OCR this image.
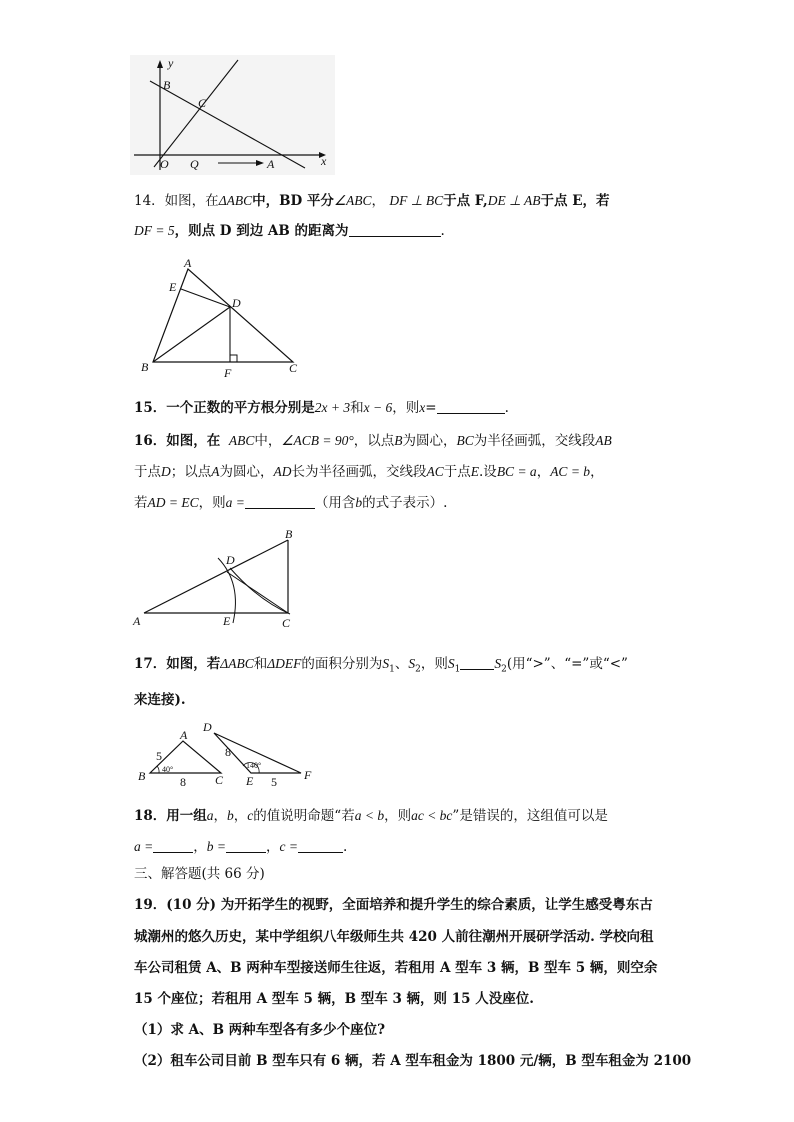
y
B
C
O Q	A	x
14．如图，在ΔABC中，BD 平分∠ABC， DF ⊥ BC于点 F,DE ⊥ AB于点 E，若
DF = 5，则点 D 到边 AB 的距离为	.
A
E
D
B	F	C
15．一个正数的平方根分别是2x + 3和x − 6，则x=	.
16．如图，在 ABC中，∠ACB = 90°，以点B为圆心，BC为半径画弧，交线段AB
于点D；以点A为圆心，AD长为半径画弧，交线段AC于点E.设BC = a，AC = b，
若AD = EC，则a =	（用含b的式子表示）.
B
D
A	E	C
17．如图，若ΔABC和ΔDEF的面积分别为$S_1$、$S_2$，则$S_1$	$S_2$(用“>”、“=”或“<”
来连接).
A
B	C
5
8
40°
D
8
140°
E 5 F
18．用一组a，b，c的值说明命题“若a < b，则ac < bc”是错误的，这组值可以是
a =	，b =	，c =	.
三、解答题(共 66 分)
19．(10 分) 为开拓学生的视野，全面培养和提升学生的综合素质，让学生感受粤东古
城潮州的悠久历史，某中学组织八年级师生共 420 人前往潮州开展研学活动. 学校向租
车公司租赁 A、B 两种车型接送师生往返，若租用 A 型车 3 辆，B 型车 5 辆，则空余
15 个座位；若租用 A 型车 5 辆，B 型车 3 辆，则 15 人没座位.
（1）求 A、B 两种车型各有多少个座位?
（2）租车公司目前 B 型车只有 6 辆，若 A 型车租金为 1800 元/辆，B 型车租金为 2100
